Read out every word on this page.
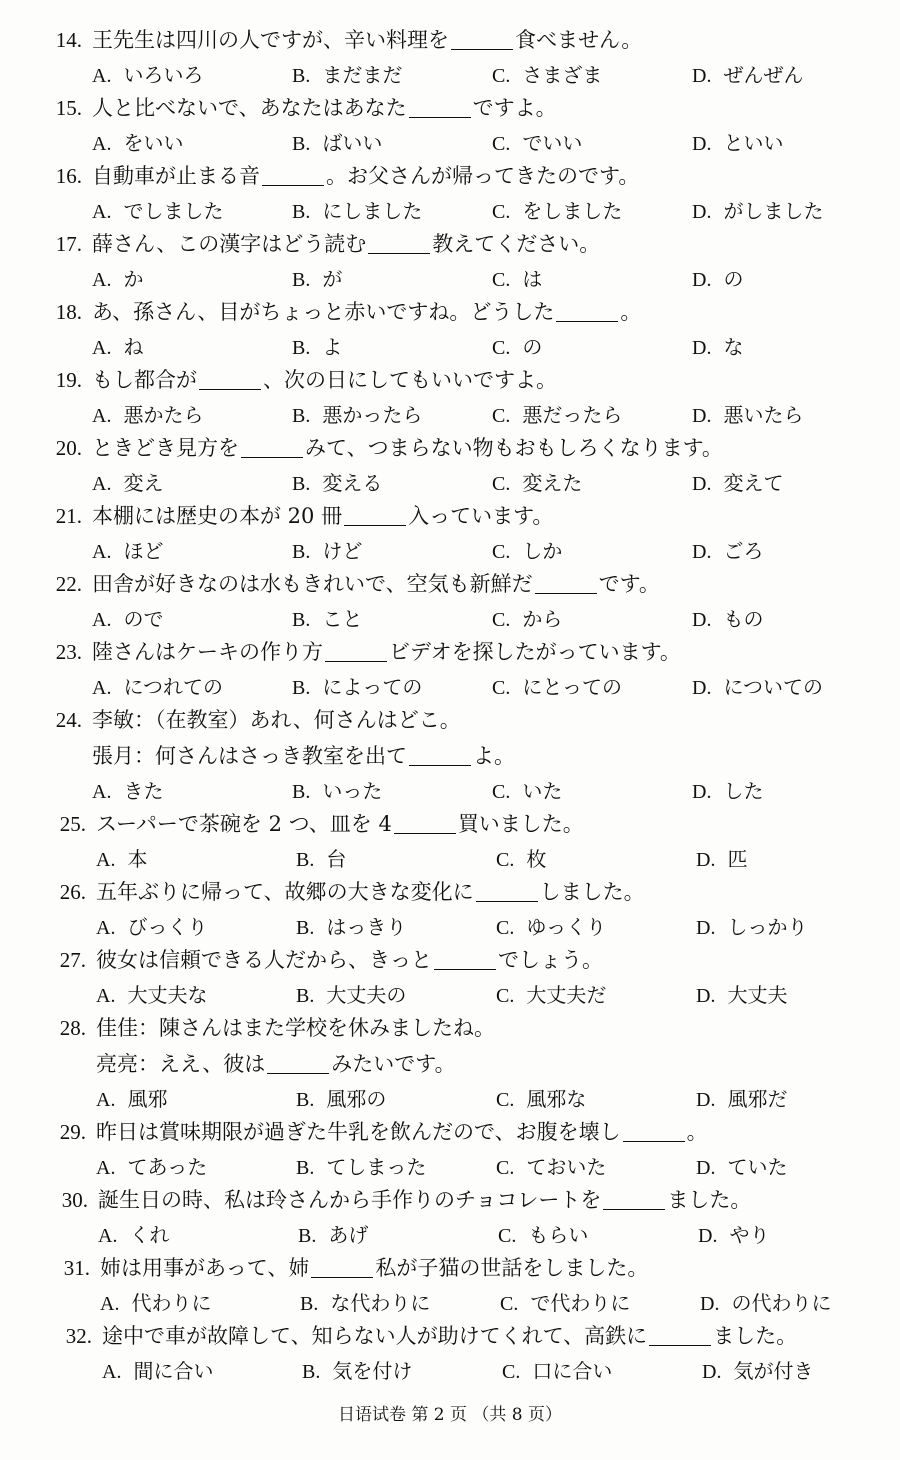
14. 王先生は四川の人ですが、辛い料理を	食べません。
A. いろいろ	B. まだまだ	C. さまざま	D. ぜんぜん
15. 人と比べないで、あなたはあなた	ですよ。
A. をいい	B. ばいい	C. でいい	D. といい
16. 自動車が止まる音	。お父さんが帰ってきたのです。
A. でしました	B. にしました	C. をしました	D. がしました
17. 薛さん、この漢字はどう読む	教えてください。
A. か	B. が	C. は	D. の
18. あ、孫さん、目がちょっと赤いですね。どうした	。
A. ね	B. よ	C. の	D. な
19. もし都合が	、次の日にしてもいいですよ。
A. 悪かたら	B. 悪かったら	C. 悪だったら	D. 悪いたら
20. ときどき見方を	みて、つまらない物もおもしろくなります。
A. 変え	B. 変える	C. 変えた	D. 変えて
21. 本棚には歴史の本が 20 冊	入っています。
A. ほど	B. けど	C. しか	D. ごろ
22. 田舎が好きなのは水もきれいで、空気も新鮮だ	です。
A. ので	B. こと	C. から	D. もの
23. 陸さんはケーキの作り方	ビデオを探したがっています。
A. につれての	B. によっての	C. にとっての	D. についての
24. 李敏：（在教室）あれ、何さんはどこ。
張月：何さんはさっき教室を出て	よ。
A. きた	B. いった	C. いた	D. した
25. スーパーで茶碗を 2 つ、皿を 4	買いました。
A. 本	B. 台	C. 枚	D. 匹
26. 五年ぶりに帰って、故郷の大きな変化に	しました。
A. びっくり	B. はっきり	C. ゆっくり	D. しっかり
27. 彼女は信頼できる人だから、きっと	でしょう。
A. 大丈夫な	B. 大丈夫の	C. 大丈夫だ	D. 大丈夫
28. 佳佳：陳さんはまた学校を休みましたね。
亮亮：ええ、彼は	みたいです。
A. 風邪	B. 風邪の	C. 風邪な	D. 風邪だ
29. 昨日は賞味期限が過ぎた牛乳を飲んだので、お腹を壊し	。
A. てあった	B. てしまった	C. ておいた	D. ていた
30. 誕生日の時、私は玲さんから手作りのチョコレートを	ました。
A. くれ	B. あげ	C. もらい	D. やり
31. 姉は用事があって、姉	私が子猫の世話をしました。
A. 代わりに	B. な代わりに	C. で代わりに	D. の代わりに
32. 途中で車が故障して、知らない人が助けてくれて、高鉄に	ました。
A. 間に合い	B. 気を付け	C. 口に合い	D. 気が付き
日语试卷 第 2 页 （共 8 页）
